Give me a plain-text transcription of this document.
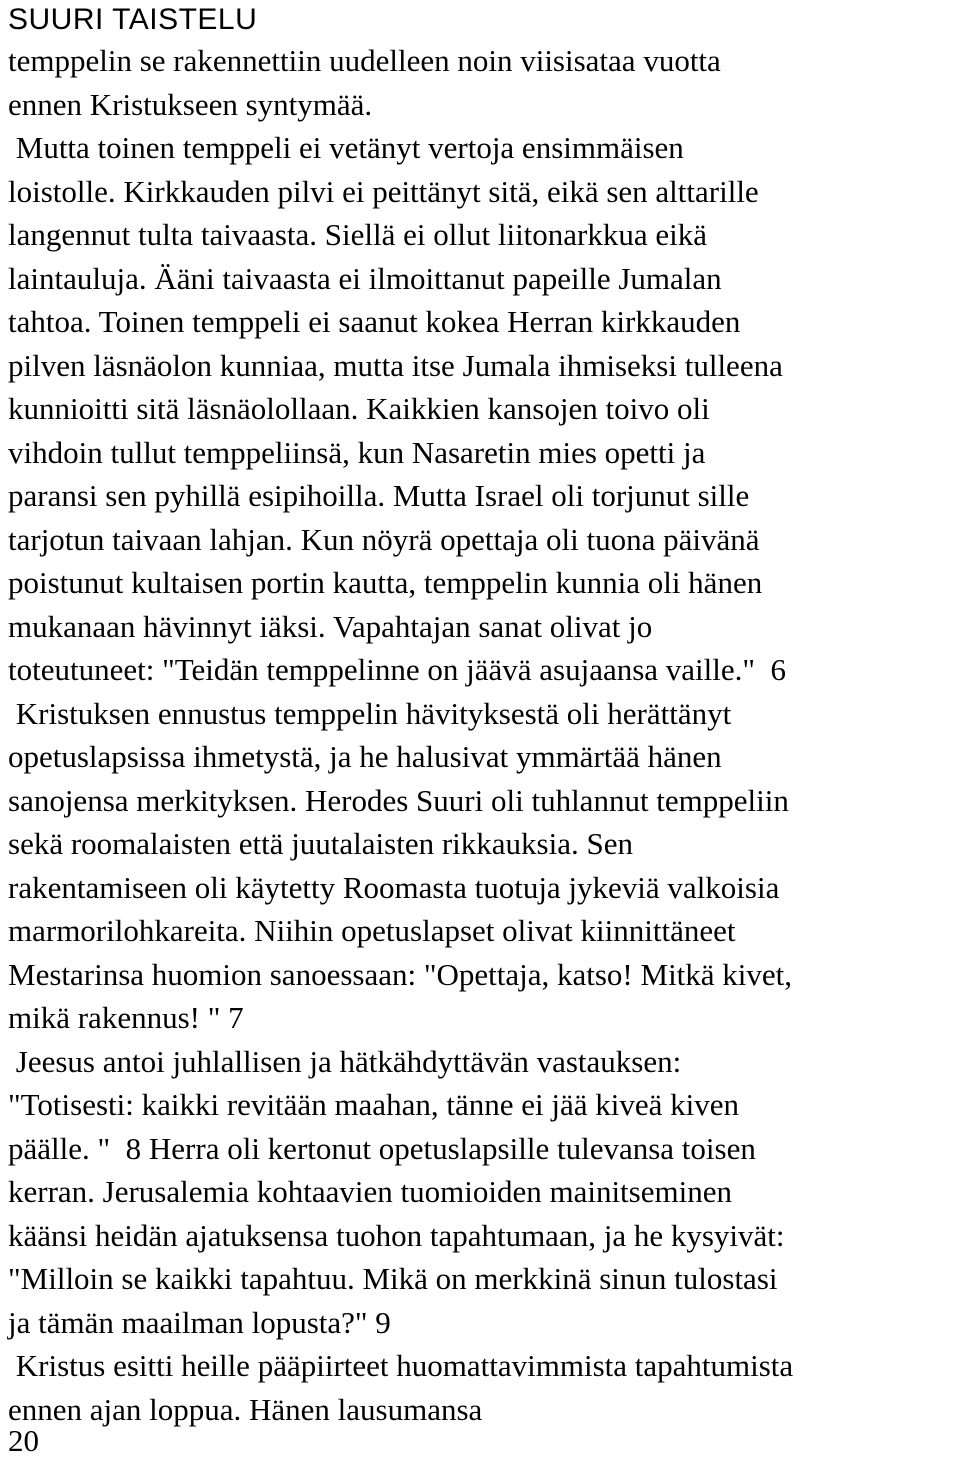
SUURI TAISTELU
temppelin se rakennettiin uudelleen noin viisisataa vuotta
ennen Kristukseen syntymää.
Mutta toinen temppeli ei vetänyt vertoja ensimmäisen
loistolle. Kirkkauden pilvi ei peittänyt sitä, eikä sen alttarille
langennut tulta taivaasta. Siellä ei ollut liitonarkkua eikä
laintauluja. Ääni taivaasta ei ilmoittanut papeille Jumalan
tahtoa. Toinen temppeli ei saanut kokea Herran kirkkauden
pilven läsnäolon kunniaa, mutta itse Jumala ihmiseksi tulleena
kunnioitti sitä läsnäolollaan. Kaikkien kansojen toivo oli
vihdoin tullut temppeliinsä, kun Nasaretin mies opetti ja
paransi sen pyhillä esipihoilla. Mutta Israel oli torjunut sille
tarjotun taivaan lahjan. Kun nöyrä opettaja oli tuona päivänä
poistunut kultaisen portin kautta, temppelin kunnia oli hänen
mukanaan hävinnyt iäksi. Vapahtajan sanat olivat jo
toteutuneet: "Teidän temppelinne on jäävä asujaansa vaille."  6
Kristuksen ennustus temppelin hävityksestä oli herättänyt
opetuslapsissa ihmetystä, ja he halusivat ymmärtää hänen
sanojensa merkityksen. Herodes Suuri oli tuhlannut temppeliin
sekä roomalaisten että juutalaisten rikkauksia. Sen
rakentamiseen oli käytetty Roomasta tuotuja jykeviä valkoisia
marmorilohkareita. Niihin opetuslapset olivat kiinnittäneet
Mestarinsa huomion sanoessaan: "Opettaja, katso! Mitkä kivet,
mikä rakennus! " 7
Jeesus antoi juhlallisen ja hätkähdyttävän vastauksen:
"Totisesti: kaikki revitään maahan, tänne ei jää kiveä kiven
päälle. "  8 Herra oli kertonut opetuslapsille tulevansa toisen
kerran. Jerusalemia kohtaavien tuomioiden mainitseminen
käänsi heidän ajatuksensa tuohon tapahtumaan, ja he kysyivät:
"Milloin se kaikki tapahtuu. Mikä on merkkinä sinun tulostasi
ja tämän maailman lopusta?" 9
Kristus esitti heille pääpiirteet huomattavimmista tapahtumista
ennen ajan loppua. Hänen lausumansa
20
